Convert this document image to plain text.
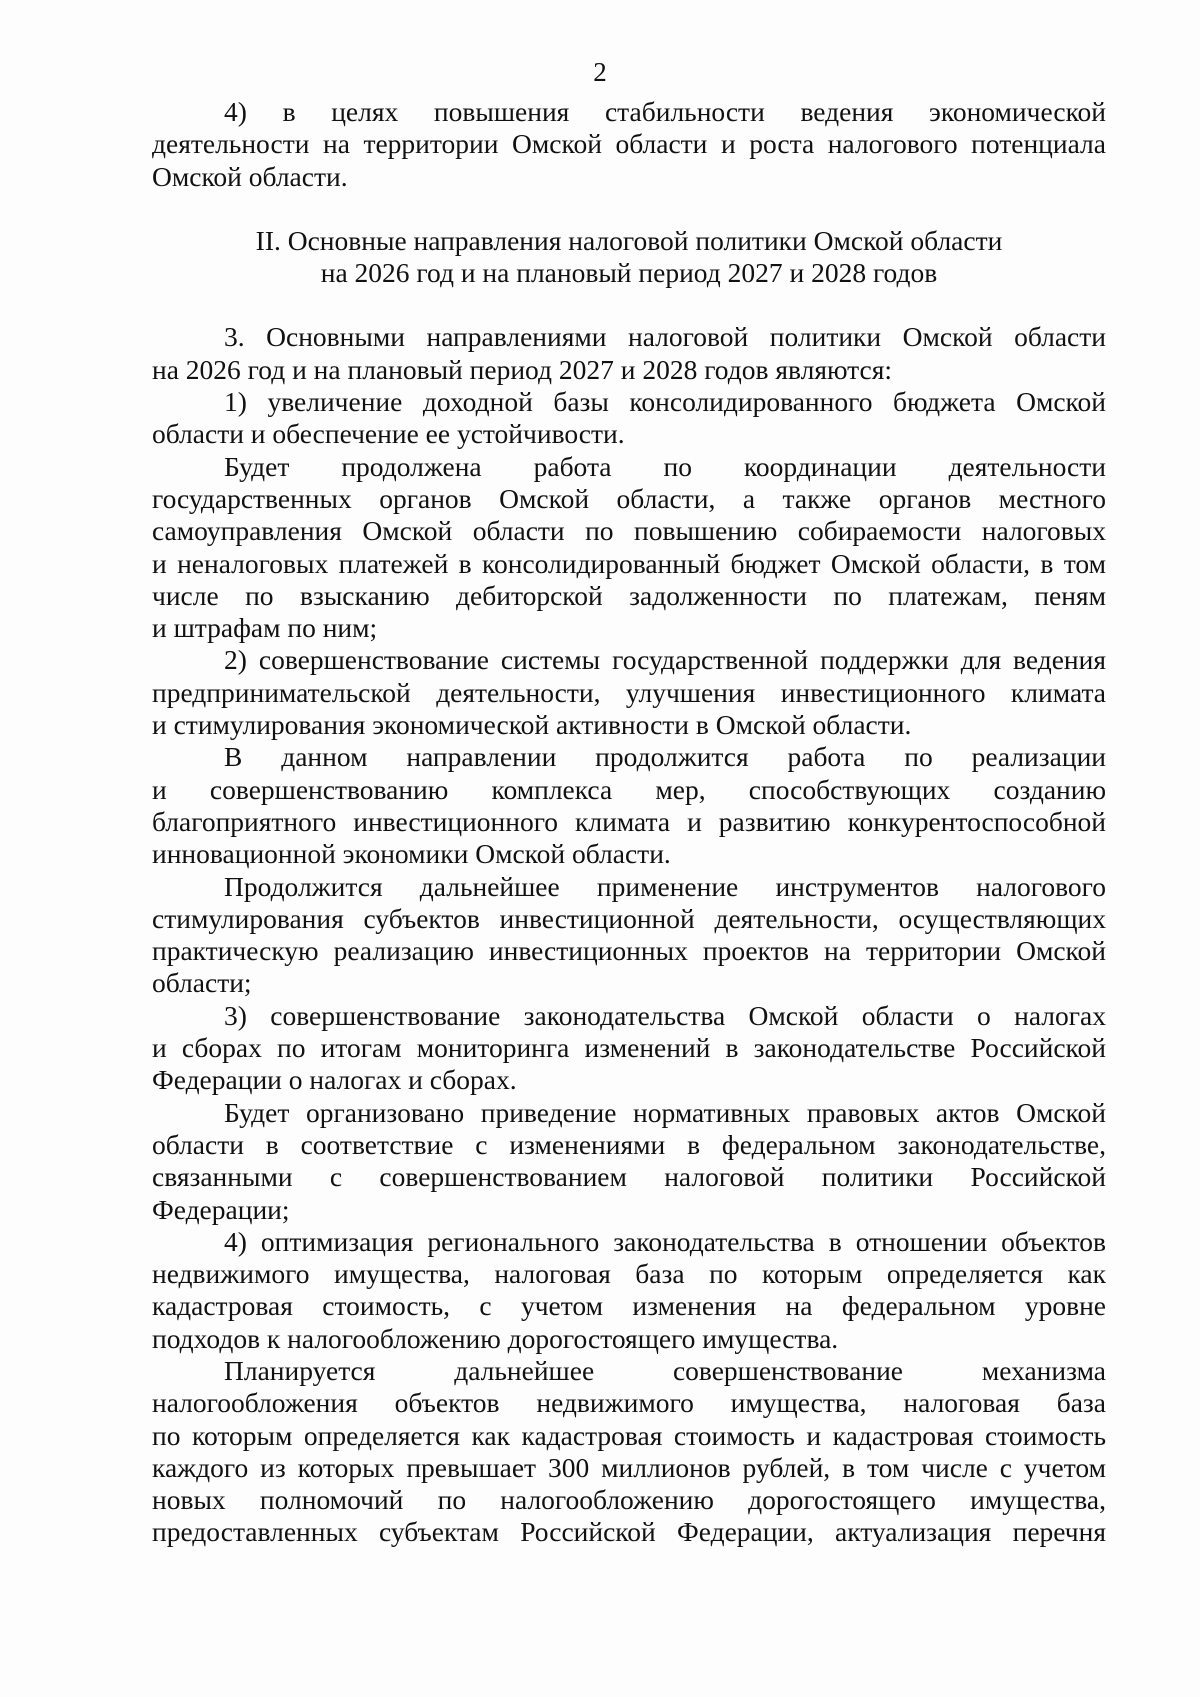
2
4) в целях повышения стабильности ведения экономической
деятельности на территории Омской области и роста налогового потенциала
Омской области.
II. Основные направления налоговой политики Омской области
на 2026 год и на плановый период 2027 и 2028 годов
3. Основными направлениями налоговой политики Омской области
на 2026 год и на плановый период 2027 и 2028 годов являются:
1) увеличение доходной базы консолидированного бюджета Омской
области и обеспечение ее устойчивости.
Будет продолжена работа по координации деятельности
государственных органов Омской области, а также органов местного
самоуправления Омской области по повышению собираемости налоговых
и неналоговых платежей в консолидированный бюджет Омской области, в том
числе по взысканию дебиторской задолженности по платежам, пеням
и штрафам по ним;
2) совершенствование системы государственной поддержки для ведения
предпринимательской деятельности, улучшения инвестиционного климата
и стимулирования экономической активности в Омской области.
В данном направлении продолжится работа по реализации
и совершенствованию комплекса мер, способствующих созданию
благоприятного инвестиционного климата и развитию конкурентоспособной
инновационной экономики Омской области.
Продолжится дальнейшее применение инструментов налогового
стимулирования субъектов инвестиционной деятельности, осуществляющих
практическую реализацию инвестиционных проектов на территории Омской
области;
3) совершенствование законодательства Омской области о налогах
и сборах по итогам мониторинга изменений в законодательстве Российской
Федерации о налогах и сборах.
Будет организовано приведение нормативных правовых актов Омской
области в соответствие с изменениями в федеральном законодательстве,
связанными с совершенствованием налоговой политики Российской
Федерации;
4) оптимизация регионального законодательства в отношении объектов
недвижимого имущества, налоговая база по которым определяется как
кадастровая стоимость, с учетом изменения на федеральном уровне
подходов к налогообложению дорогостоящего имущества.
Планируется дальнейшее совершенствование механизма
налогообложения объектов недвижимого имущества, налоговая база
по которым определяется как кадастровая стоимость и кадастровая стоимость
каждого из которых превышает 300 миллионов рублей, в том числе с учетом
новых полномочий по налогообложению дорогостоящего имущества,
предоставленных субъектам Российской Федерации, актуализация перечня
